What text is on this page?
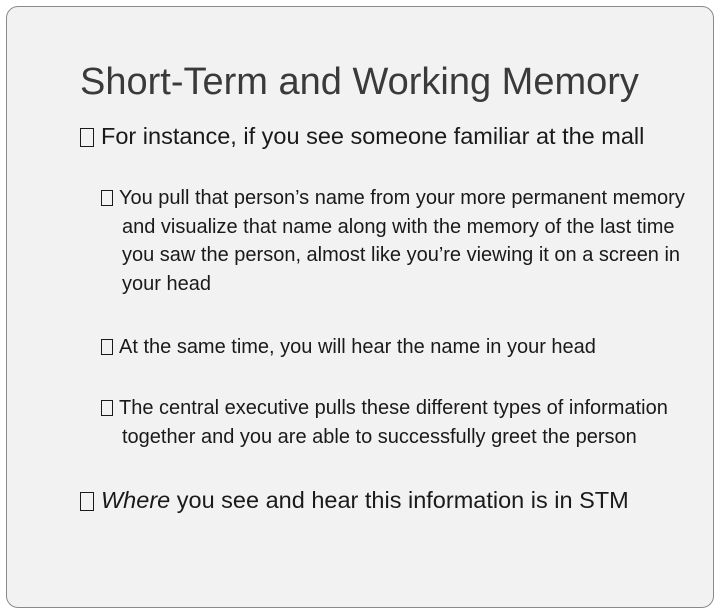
Short-Term and Working Memory

For instance, if you see someone familiar at the mall

You pull that person’s name from your more permanent memory and visualize that name along with the memory of the last time you saw the person, almost like you’re viewing it on a screen in your head

At the same time, you will hear the name in your head

The central executive pulls these different types of information together and you are able to successfully greet the person

Where you see and hear this information is in STM
